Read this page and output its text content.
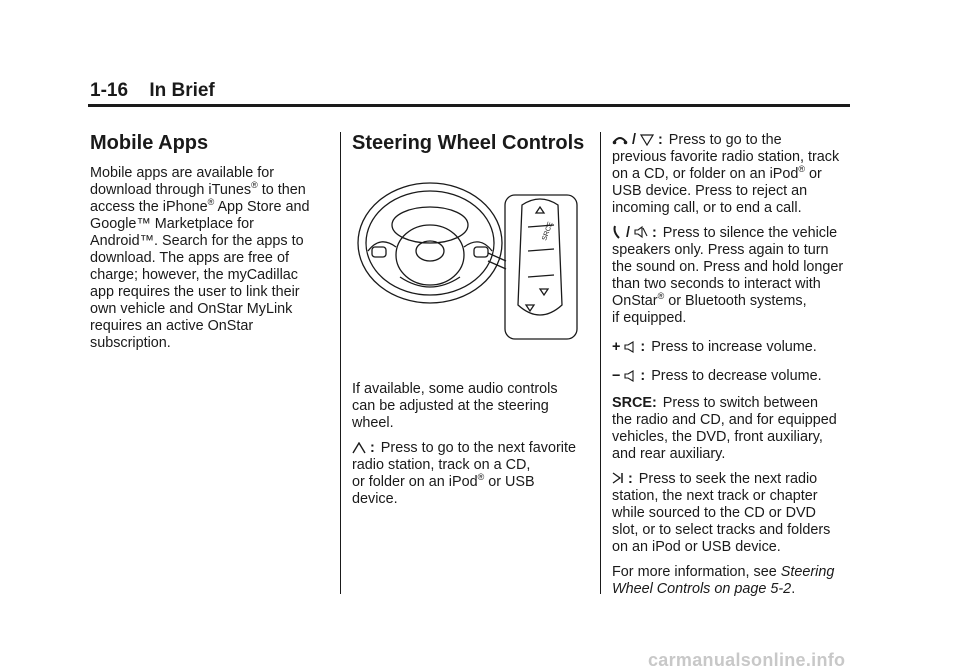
1-16 In Brief
Mobile Apps

Mobile apps are available for
download through iTunes® to then
access the iPhone® App Store and
Google™ Marketplace for
Android™. Search for the apps to
download. The apps are free of
charge; however, the myCadillac
app requires the user to link their
own vehicle and OnStar MyLink
requires an active OnStar
subscription.

Steering Wheel Controls
SRCE

If available, some audio controls
can be adjusted at the steering
wheel.

: Press to go to the next favorite
radio station, track on a CD,
or folder on an iPod® or USB
device.

/ : Press to go to the
previous favorite radio station, track
on a CD, or folder on an iPod® or
USB device. Press to reject an
incoming call, or to end a call.

/ : Press to silence the vehicle
speakers only. Press again to turn
the sound on. Press and hold longer
than two seconds to interact with
OnStar® or Bluetooth systems,
if equipped.

+ : Press to increase volume.

− : Press to decrease volume.

SRCE: Press to switch between
the radio and CD, and for equipped
vehicles, the DVD, front auxiliary,
and rear auxiliary.

: Press to seek the next radio
station, the next track or chapter
while sourced to the CD or DVD
slot, or to select tracks and folders
on an iPod or USB device.

For more information, see Steering
Wheel Controls on page 5-2.

carmanualsonline.info
